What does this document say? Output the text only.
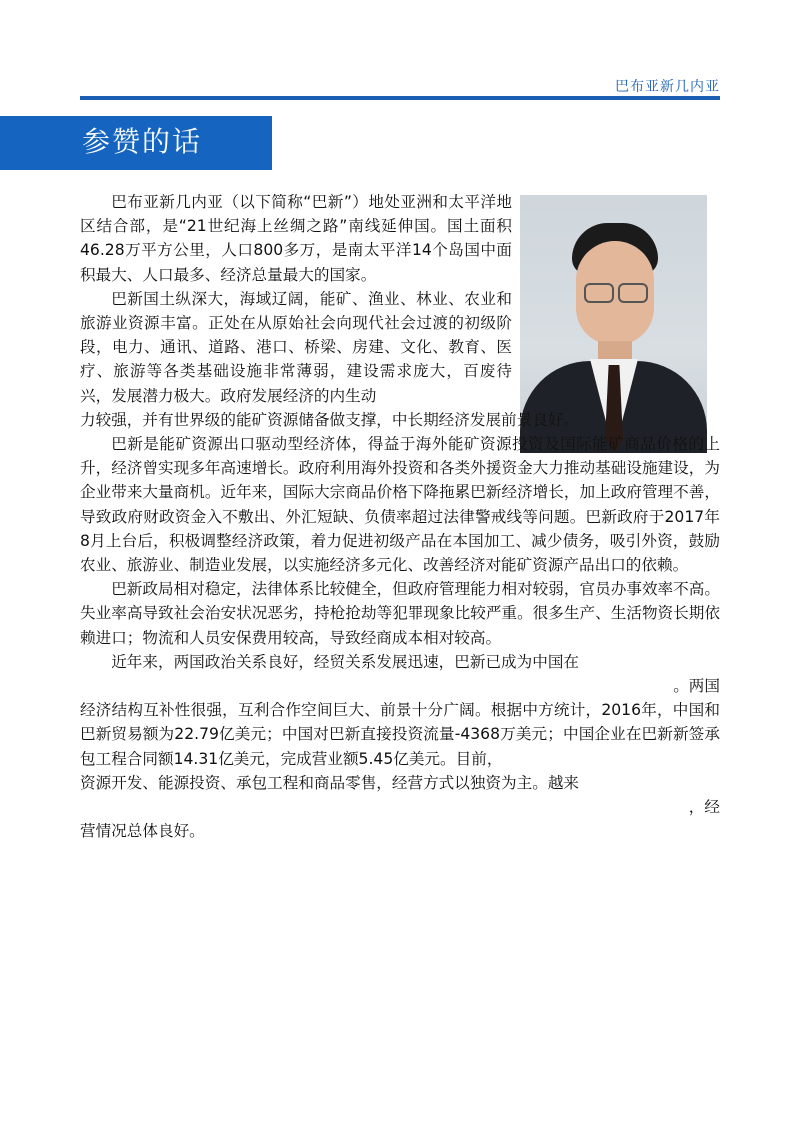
巴布亚新几内亚
参赞的话

巴布亚新几内亚（以下简称“巴新”）地处亚洲和太平洋地区结合部，是“21世纪海上丝绸之路”南线延伸国。国土面积46.28万平方公里，人口800多万，是南太平洋14个岛国中面积最大、人口最多、经济总量最大的国家。

巴新国土纵深大，海域辽阔，能矿、渔业、林业、农业和旅游业资源丰富。正处在从原始社会向现代社会过渡的初级阶段，电力、通讯、道路、港口、桥梁、房建、文化、教育、医疗、旅游等各类基础设施非常薄弱，建设需求庞大，百废待兴，发展潜力极大。政府发展经济的内生动

力较强，并有世界级的能矿资源储备做支撑，中长期经济发展前景良好。

巴新是能矿资源出口驱动型经济体，得益于海外能矿资源投资及国际能矿商品价格的上升，经济曾实现多年高速增长。政府利用海外投资和各类外援资金大力推动基础设施建设，为企业带来大量商机。近年来，国际大宗商品价格下降拖累巴新经济增长，加上政府管理不善，导致政府财政资金入不敷出、外汇短缺、负债率超过法律警戒线等问题。巴新政府于2017年8月上台后，积极调整经济政策，着力促进初级产品在本国加工、减少债务，吸引外资，鼓励农业、旅游业、制造业发展，以实施经济多元化、改善经济对能矿资源产品出口的依赖。

巴新政局相对稳定，法律体系比较健全，但政府管理能力相对较弱，官员办事效率不高。失业率高导致社会治安状况恶劣，持枪抢劫等犯罪现象比较严重。很多生产、生活物资长期依赖进口；物流和人员安保费用较高，导致经商成本相对较高。

近年来，两国政治关系良好，经贸关系发展迅速，巴新已成为中国在

。两国

经济结构互补性很强，互利合作空间巨大、前景十分广阔。根据中方统计，2016年，中国和巴新贸易额为22.79亿美元；中国对巴新直接投资流量-4368万美元；中国企业在巴新新签承包工程合同额14.31亿美元，完成营业额5.45亿美元。目前，

资源开发、能源投资、承包工程和商品零售，经营方式以独资为主。越来

，经

营情况总体良好。
